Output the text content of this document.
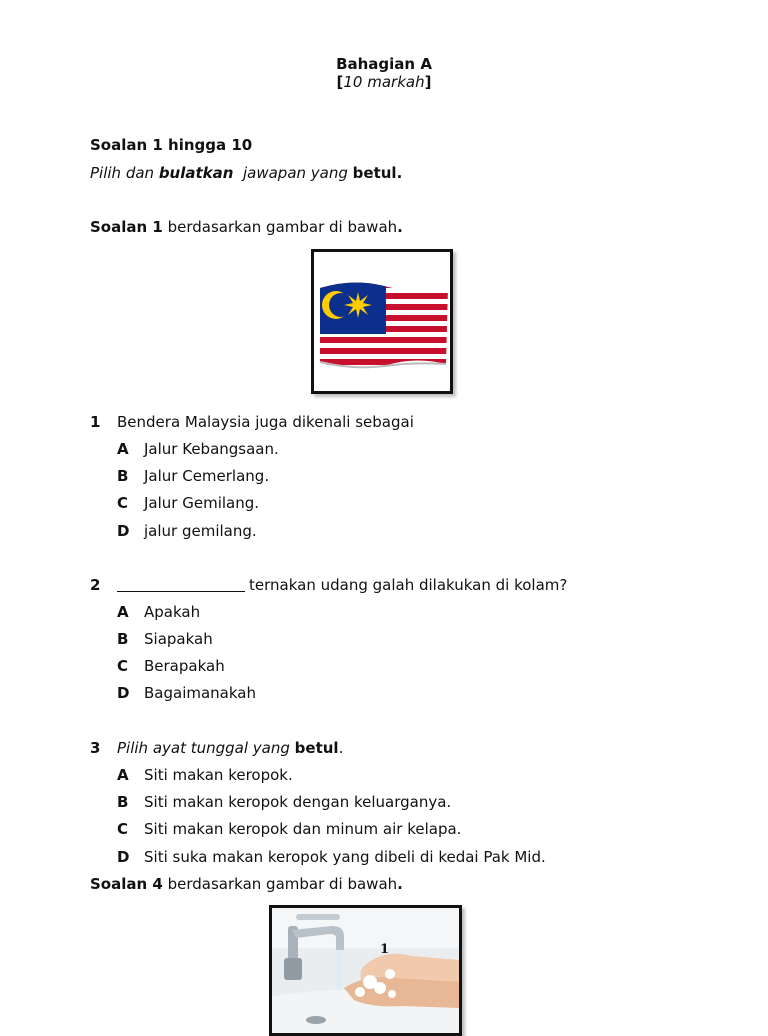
Bahagian A
[10 markah]
Soalan 1 hingga 10
Pilih dan bulatkan  jawapan yang betul.
Soalan 1 berdasarkan gambar di bawah.
1 Bendera Malaysia juga dikenali sebagai
A Jalur Kebangsaan.
B Jalur Cemerlang.
C Jalur Gemilang.
D jalur gemilang.
2	ternakan udang galah dilakukan di kolam?
A Apakah
B Siapakah
C Berapakah
D Bagaimanakah
3 Pilih ayat tunggal yang betul.
A Siti makan keropok.
B Siti makan keropok dengan keluarganya.
C Siti makan keropok dan minum air kelapa.
D Siti suka makan keropok yang dibeli di kedai Pak Mid.
Soalan 4 berdasarkan gambar di bawah.
1
